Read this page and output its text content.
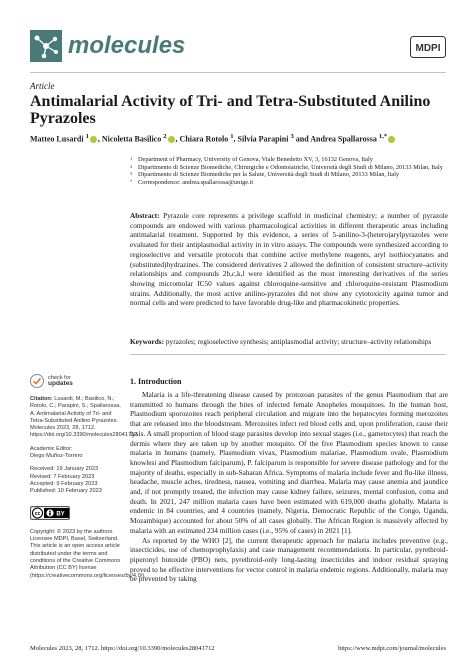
molecules	MDPI
Article
Antimalarial Activity of Tri- and Tetra-Substituted Anilino Pyrazoles
Matteo Lusardi $^1$ , Nicoletta Basilico $^2$ , Chiara Rotolo $^1$, Silvia Parapini $^3$ and Andrea Spallarossa $^{1,*}$
1 Department of Pharmacy, University of Genova, Viale Benedetto XV, 3, 16132 Genova, Italy
2 Dipartimento di Scienze Biomediche, Chirurgiche e Odontoiatriche, Università degli Studi di Milano, 20133 Milan, Italy
3 Dipartimento di Scienze Biomediche per la Salute, Università degli Studi di Milano, 20133 Milan, Italy
* Correspondence: andrea.spallarossa@unige.it
Abstract: Pyrazole core represents a privilege scaffold in medicinal chemistry; a number of pyrazole compounds are endowed with various pharmacological activities in different therapeutic areas including antimalarial treatment. Supported by this evidence, a series of 5-anilino-3-(hetero)arylpyrazoles were evaluated for their antiplasmodial activity in in vitro assays. The compounds were synthesized according to regioselective and versatile protocols that combine active methylene reagents, aryl isothiocyanates and (substituted)hydrazines. The considered derivatives 2 allowed the definition of consistent structure–activity relationships and compounds 2b,c,k,l were identified as the most interesting derivatives of the series showing micromolar IC50 values against chloroquine-sensitive and chloroquine-resistant Plasmodium strains. Additionally, the most active anilino-pyrazoles did not show any cytotoxicity against tumor and normal cells and were predicted to have favorable drug-like and pharmacokinetic properties.
Keywords: pyrazoles; regioselective synthesis; antiplasmodial activity; structure–activity relationships
check for
updates
Citation: Lusardi, M.; Basilico, N.; Rotolo, C.; Parapini, S.; Spallarossa, A. Antimalarial Activity of Tri- and Tetra-Substituted Anilino Pyrazoles. Molecules 2023, 28, 1712. https://doi.org/10.3390/molecules28041712
Academic Editor:
Diego Muñoz-Torrero
Received: 19 January 2023
Revised: 7 February 2023
Accepted: 9 February 2023
Published: 10 February 2023
cc	BY
Copyright: © 2023 by the authors. Licensee MDPI, Basel, Switzerland. This article is an open access article distributed under the terms and conditions of the Creative Commons Attribution (CC BY) license (https://creativecommons.org/licenses/by/4.0/).
1. Introduction

Malaria is a life-threatening disease caused by protozoan parasites of the genus Plasmodium that are transmitted to humans through the bites of infected female Anopheles mosquitoes. In the human host, Plasmodium sporozoites reach peripheral circulation and migrate into the hepatocytes forming merozoites that are released into the bloodstream. Merozoites infect red blood cells and, upon proliferation, cause their lysis. A small proportion of blood stage parasites develop into sexual stages (i.e., gametocytes) that reach the dermis where they are taken up by another mosquito. Of the five Plasmodium species known to cause malaria in humans (namely, Plasmodium vivax, Plasmodium malariae, Plasmodium ovale, Plasmodium knowlesi and Plasmodium falciparum), P. falciparum is responsible for severe disease pathology and for the majority of deaths, especially in sub-Saharan Africa. Symptoms of malaria include fever and flu-like illness, headache, muscle aches, tiredness, nausea, vomiting and diarrhea. Malaria may cause anemia and jaundice and, if not promptly treated, the infection may cause kidney failure, seizures, mental confusion, coma and death. In 2021, 247 million malaria cases have been estimated with 619,000 deaths globally. Malaria is endemic in 84 countries, and 4 countries (namely, Nigeria, Democratic Republic of the Congo, Uganda, Mozambique) accounted for about 50% of all cases globally. The African Region is massively affected by malaria with an estimated 234 million cases (i.e., 95% of cases) in 2021 [1].

As reported by the WHO [2], the current therapeutic approach for malaria includes preventive (e.g., insecticides, use of chemoprophylaxis) and case management recommendations. In particular, pyrethroid-piperonyl butoxide (PBO) nets, pyrethroid-only long-lasting insecticides and indoor residual spraying proved to be effective interventions for vector control in malaria endemic regions. Additionally, malaria may be prevented by taking

Molecules 2023, 28, 1712. https://doi.org/10.3390/molecules28041712	https://www.mdpi.com/journal/molecules
